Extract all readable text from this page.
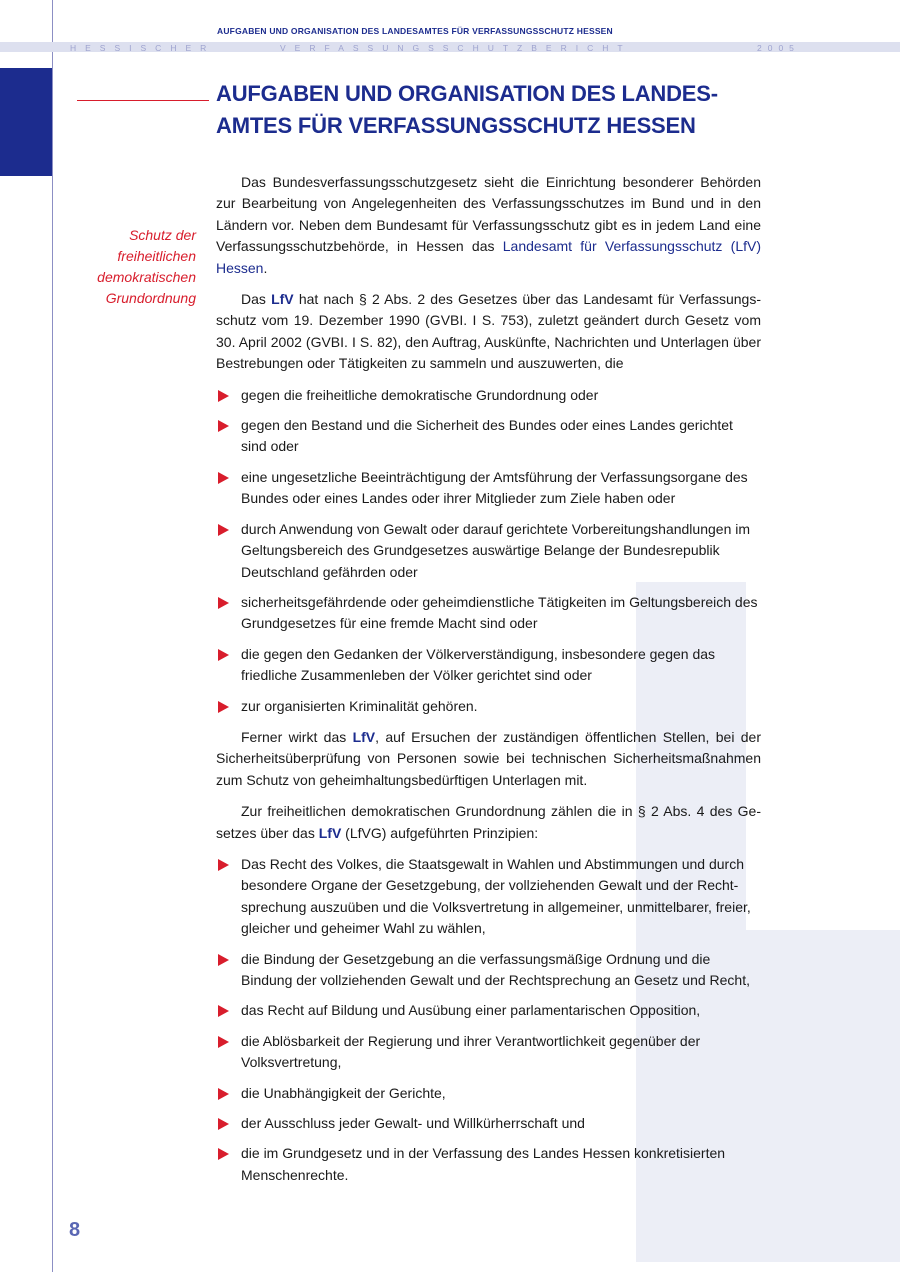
AUFGABEN UND ORGANISATION DES LANDESAMTES FÜR VERFASSUNGSSCHUTZ HESSEN
HESSISCHER	VERFASSUNGSSCHUTZBERICHT	2005
AUFGABEN UND ORGANISATION DES LANDES-
AMTES FÜR VERFASSUNGSSCHUTZ HESSEN
Schutz der
freiheitlichen
demokratischen
Grundordnung

Das Bundesverfassungsschutzgesetz sieht die Einrichtung besonderer Behörden zur Bearbeitung von Angelegenheiten des Verfassungsschutzes im Bund und in den Ländern vor. Neben dem Bundesamt für Verfassungsschutz gibt es in jedem Land eine Verfassungsschutzbehörde, in Hessen das Landesamt für Verfassungsschutz (LfV) Hessen.

Das LfV hat nach § 2 Abs. 2 des Gesetzes über das Landesamt für Verfassungs-schutz vom 19. Dezember 1990 (GVBI. I S. 753), zuletzt geändert durch Gesetz vom 30. April 2002 (GVBI. I S. 82), den Auftrag, Auskünfte, Nachrichten und Unterlagen über Bestrebungen oder Tätigkeiten zu sammeln und auszuwerten, die

gegen die freiheitliche demokratische Grundordnung oder
gegen den Bestand und die Sicherheit des Bundes oder eines Landes gerichtet sind oder
eine ungesetzliche Beeinträchtigung der Amtsführung der Verfassungsorgane des Bundes oder eines Landes oder ihrer Mitglieder zum Ziele haben oder
durch Anwendung von Gewalt oder darauf gerichtete Vorbereitungshandlungen im Geltungsbereich des Grundgesetzes auswärtige Belange der Bundesrepublik Deutschland gefährden oder
sicherheitsgefährdende oder geheimdienstliche Tätigkeiten im Geltungsbereich des Grundgesetzes für eine fremde Macht sind oder
die gegen den Gedanken der Völkerverständigung, insbesondere gegen das friedliche Zusammenleben der Völker gerichtet sind oder
zur organisierten Kriminalität gehören.

Ferner wirkt das LfV, auf Ersuchen der zuständigen öffentlichen Stellen, bei der Sicherheitsüberprüfung von Personen sowie bei technischen Sicherheitsmaßnahmen zum Schutz von geheimhaltungsbedürftigen Unterlagen mit.

Zur freiheitlichen demokratischen Grundordnung zählen die in § 2 Abs. 4 des Ge-setzes über das LfV (LfVG) aufgeführten Prinzipien:

Das Recht des Volkes, die Staatsgewalt in Wahlen und Abstimmungen und durch besondere Organe der Gesetzgebung, der vollziehenden Gewalt und der Recht-sprechung auszuüben und die Volksvertretung in allgemeiner, unmittelbarer, freier, gleicher und geheimer Wahl zu wählen,
die Bindung der Gesetzgebung an die verfassungsmäßige Ordnung und die Bindung der vollziehenden Gewalt und der Rechtsprechung an Gesetz und Recht,
das Recht auf Bildung und Ausübung einer parlamentarischen Opposition,
die Ablösbarkeit der Regierung und ihrer Verantwortlichkeit gegenüber der Volksvertretung,
die Unabhängigkeit der Gerichte,
der Ausschluss jeder Gewalt- und Willkürherrschaft und
die im Grundgesetz und in der Verfassung des Landes Hessen konkretisierten Menschenrechte.
8
